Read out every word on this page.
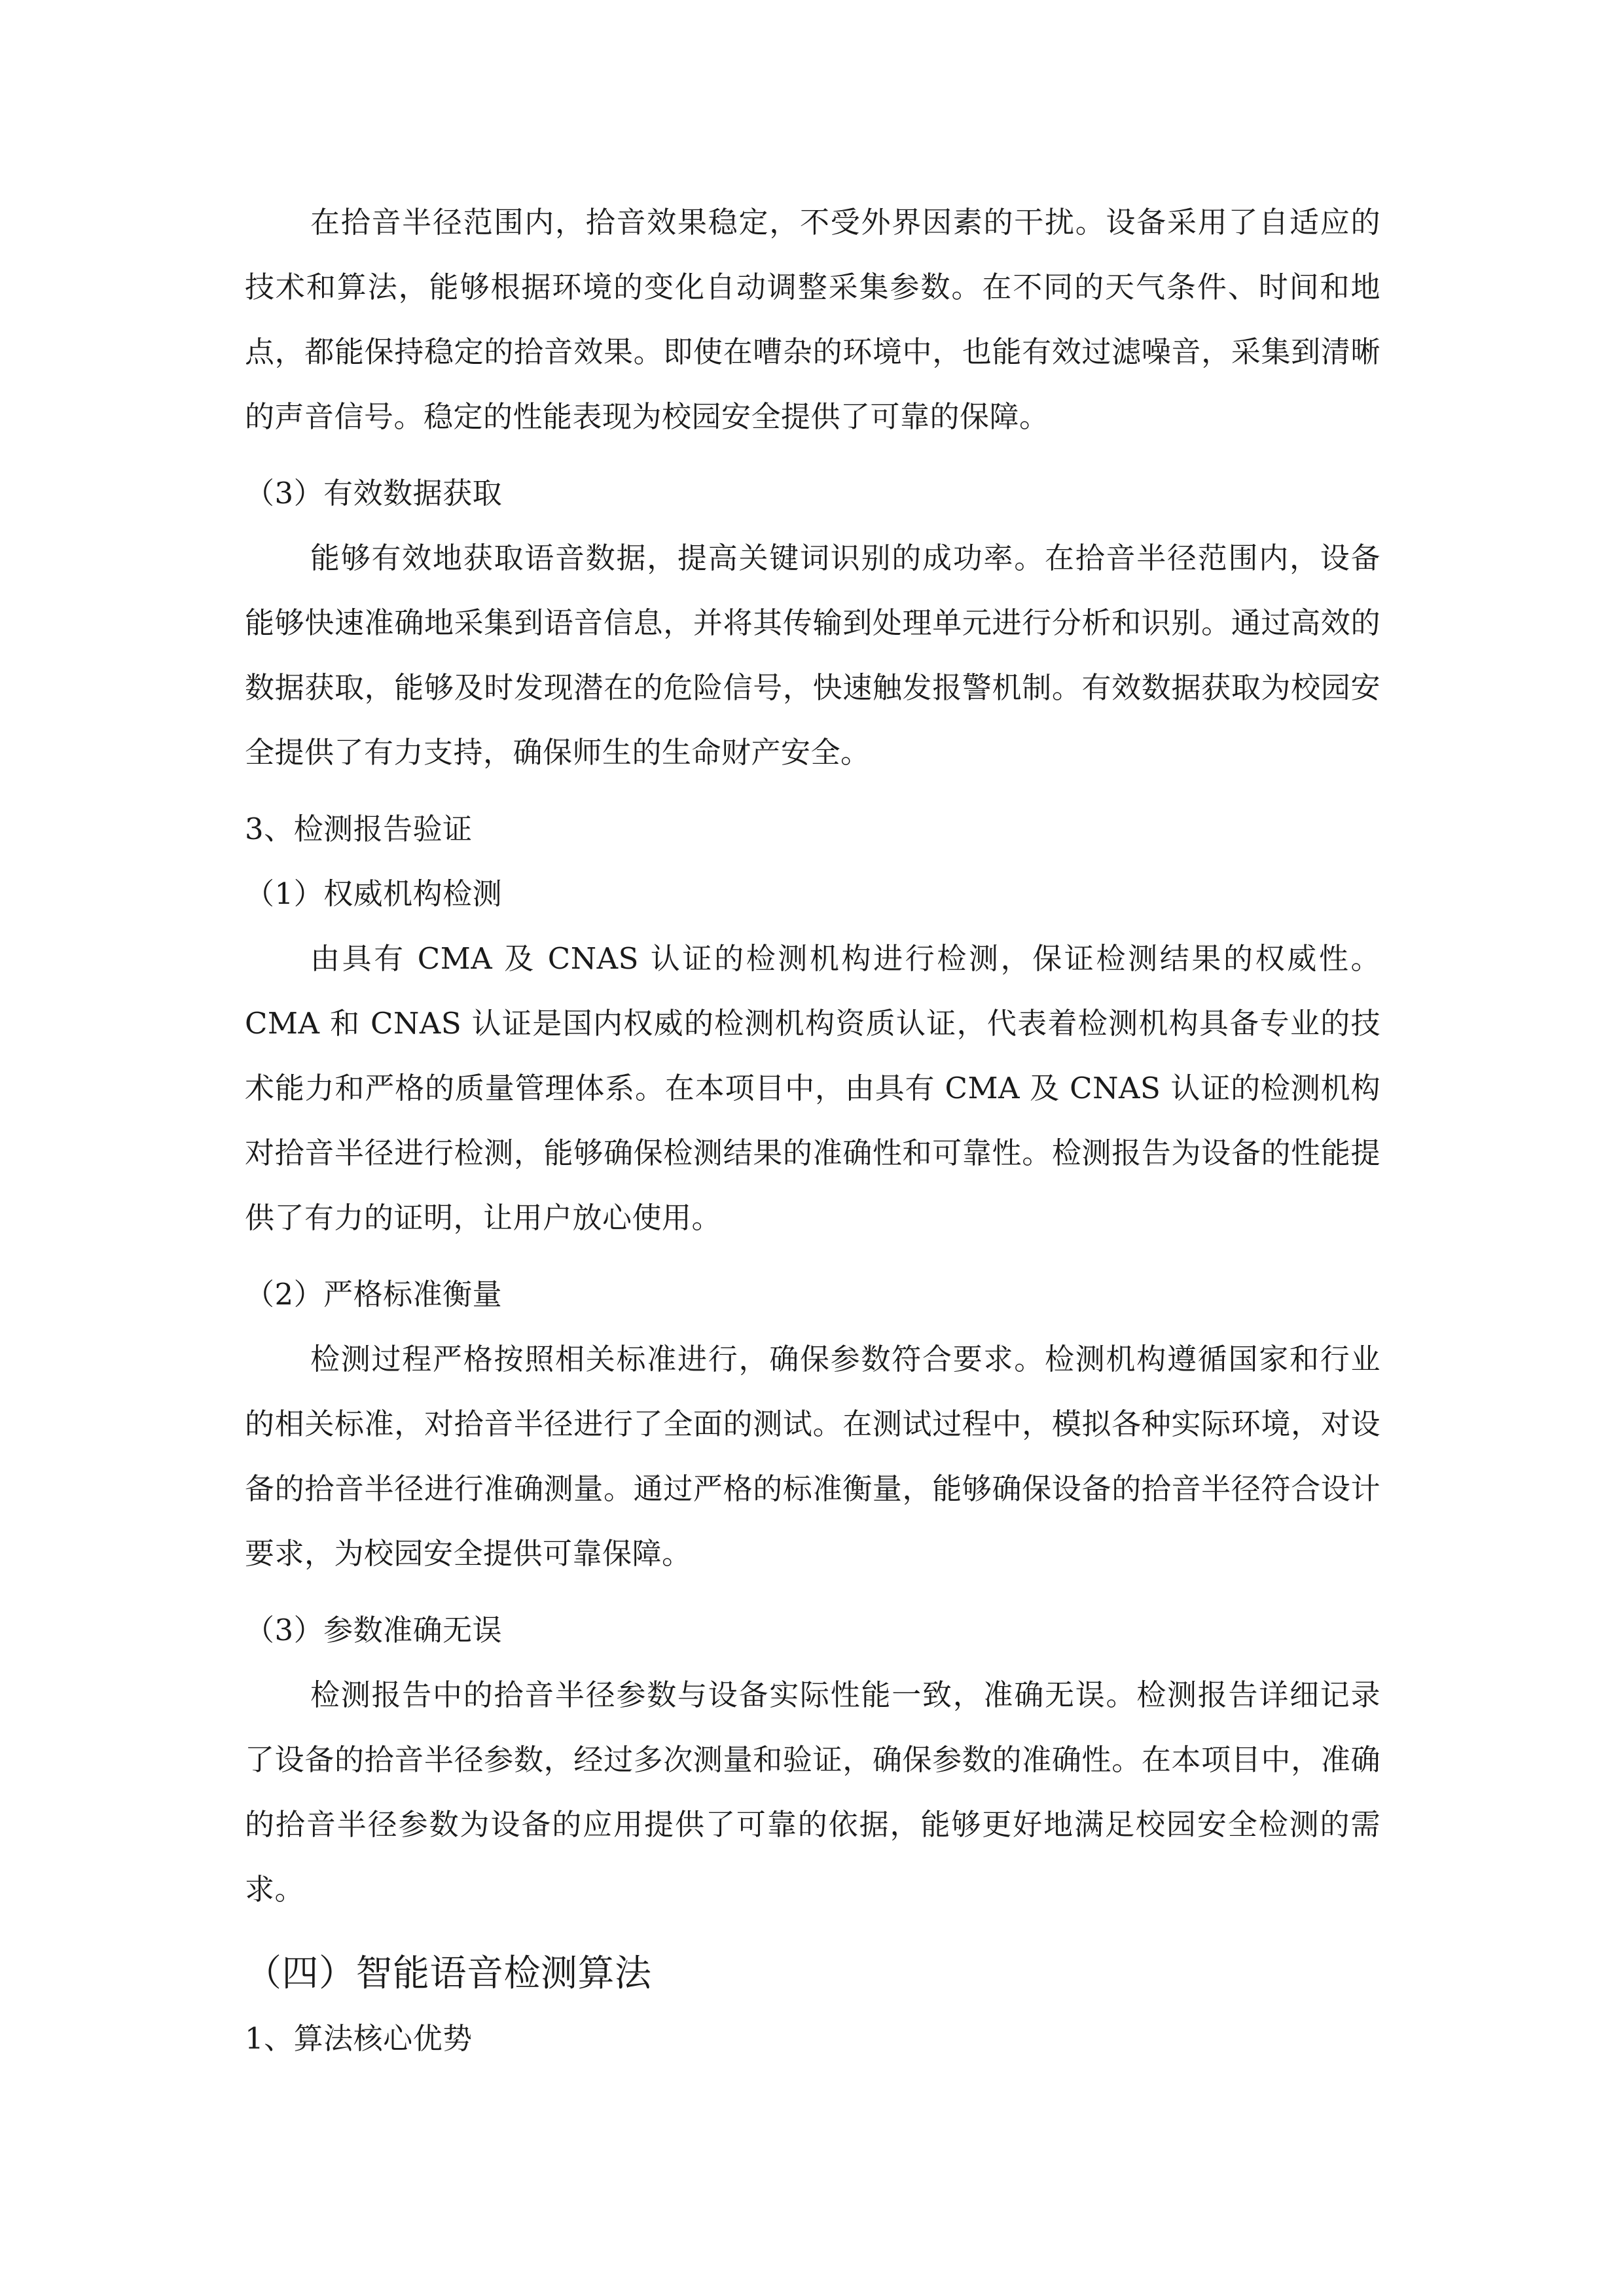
在拾音半径范围内，拾音效果稳定，不受外界因素的干扰。设备采用了自适应的技术和算法，能够根据环境的变化自动调整采集参数。在不同的天气条件、时间和地点，都能保持稳定的拾音效果。即使在嘈杂的环境中，也能有效过滤噪音，采集到清晰的声音信号。稳定的性能表现为校园安全提供了可靠的保障。

（3）有效数据获取

能够有效地获取语音数据，提高关键词识别的成功率。在拾音半径范围内，设备能够快速准确地采集到语音信息，并将其传输到处理单元进行分析和识别。通过高效的数据获取，能够及时发现潜在的危险信号，快速触发报警机制。有效数据获取为校园安全提供了有力支持，确保师生的生命财产安全。

3、检测报告验证

（1）权威机构检测

由具有 CMA 及 CNAS 认证的检测机构进行检测，保证检测结果的权威性。CMA 和 CNAS 认证是国内权威的检测机构资质认证，代表着检测机构具备专业的技术能力和严格的质量管理体系。在本项目中，由具有 CMA 及 CNAS 认证的检测机构对拾音半径进行检测，能够确保检测结果的准确性和可靠性。检测报告为设备的性能提供了有力的证明，让用户放心使用。

（2）严格标准衡量

检测过程严格按照相关标准进行，确保参数符合要求。检测机构遵循国家和行业的相关标准，对拾音半径进行了全面的测试。在测试过程中，模拟各种实际环境，对设备的拾音半径进行准确测量。通过严格的标准衡量，能够确保设备的拾音半径符合设计要求，为校园安全提供可靠保障。

（3）参数准确无误

检测报告中的拾音半径参数与设备实际性能一致，准确无误。检测报告详细记录了设备的拾音半径参数，经过多次测量和验证，确保参数的准确性。在本项目中，准确的拾音半径参数为设备的应用提供了可靠的依据，能够更好地满足校园安全检测的需求。

（四）智能语音检测算法

1、算法核心优势
